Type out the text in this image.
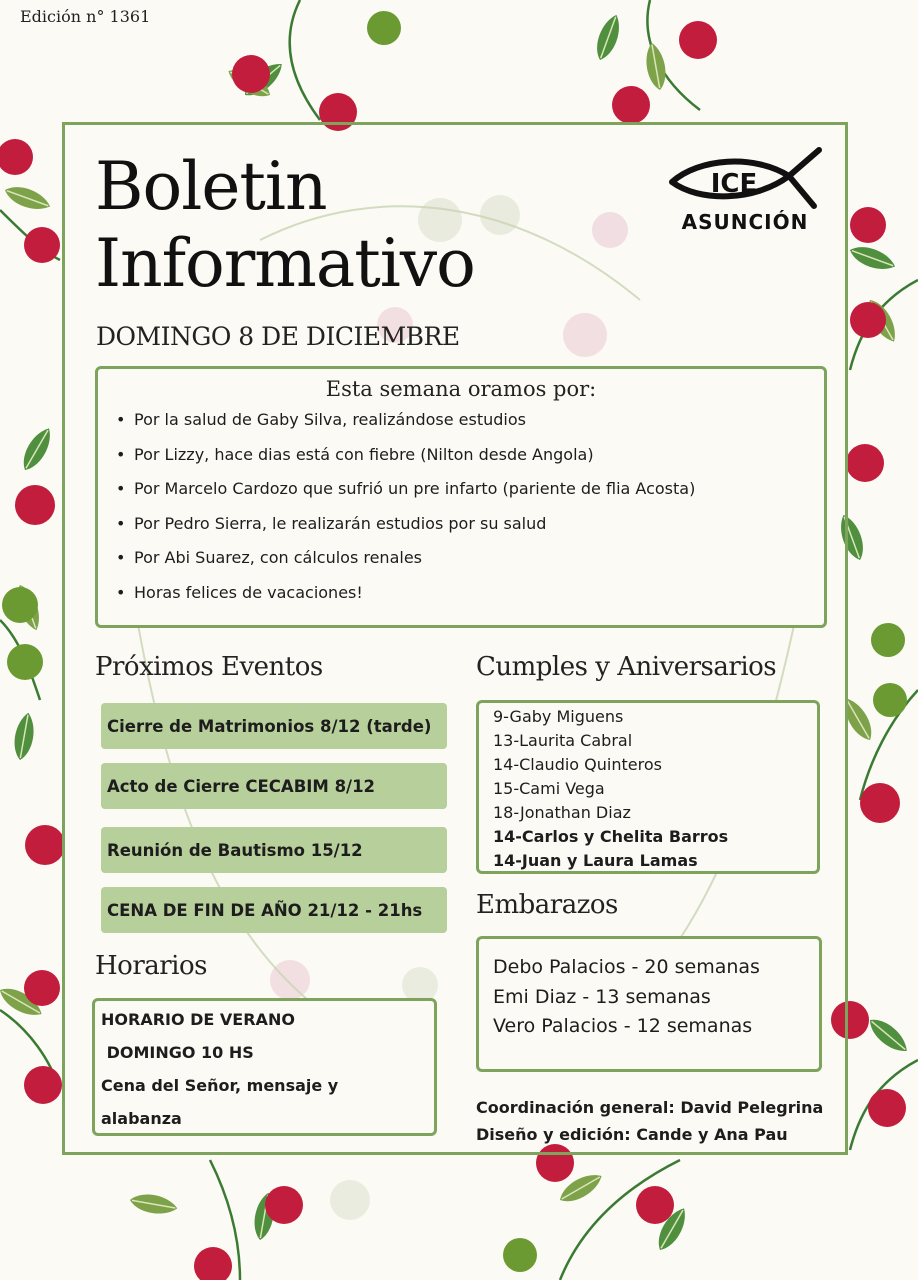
Edición n° 1361
Boletin
Informativo
DOMINGO 8 DE DICIEMBRE
ICE
ASUNCIÓN
Esta semana oramos por:
• Por la salud de Gaby Silva, realizándose estudios
• Por Lizzy, hace dias está con fiebre (Nilton desde Angola)
• Por Marcelo Cardozo que sufrió un pre infarto (pariente de flia Acosta)
• Por Pedro Sierra, le realizarán estudios por su salud
• Por Abi Suarez, con cálculos renales
• Horas felices de vacaciones!
Próximos Eventos
Cierre de Matrimonios 8/12 (tarde)
Acto de Cierre CECABIM 8/12
Reunión de Bautismo 15/12
CENA DE FIN DE AÑO 21/12 - 21hs
Cumples y Aniversarios
9-Gaby Miguens
13-Laurita Cabral
14-Claudio Quinteros
15-Cami Vega
18-Jonathan Diaz
14-Carlos y Chelita Barros
14-Juan y Laura Lamas
Embarazos
Debo Palacios - 20 semanas
Emi Diaz - 13 semanas
Vero Palacios - 12 semanas
Horarios
HORARIO DE VERANO
DOMINGO 10 HS
Cena del Señor, mensaje y
alabanza
Coordinación general: David Pelegrina
Diseño y edición: Cande y Ana Pau
